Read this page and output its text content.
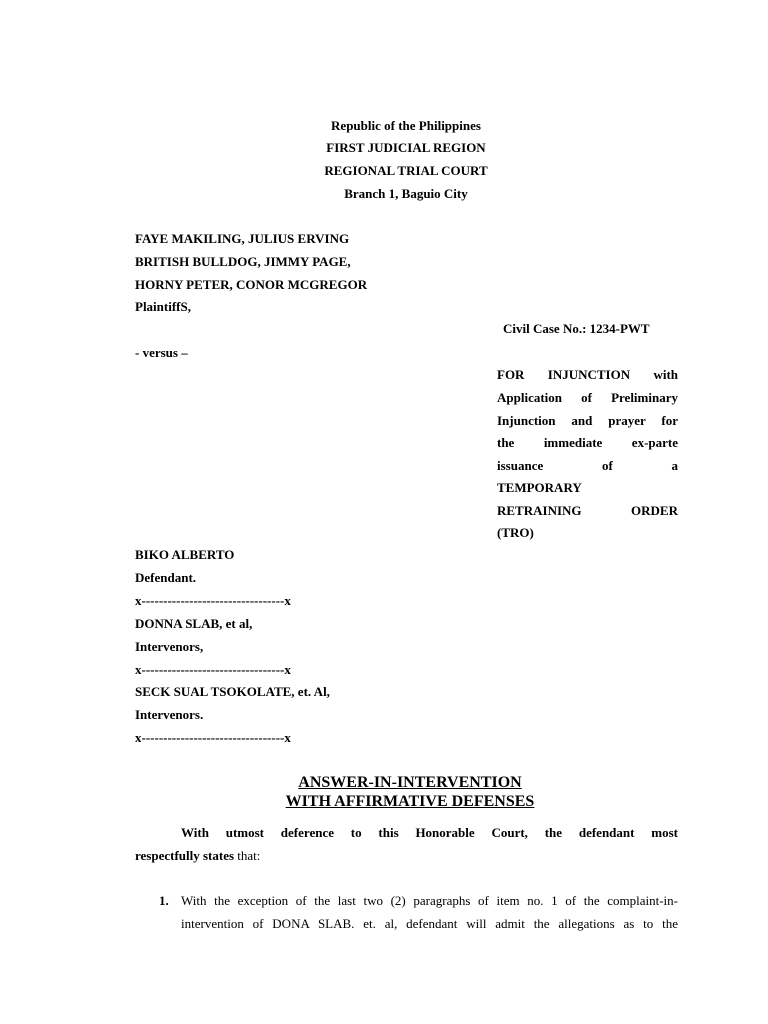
Republic of the Philippines
FIRST JUDICIAL REGION
REGIONAL TRIAL COURT
Branch 1, Baguio City
FAYE MAKILING, JULIUS ERVING
BRITISH BULLDOG, JIMMY PAGE,
HORNY PETER, CONOR MCGREGOR
PlaintiffS,
Civil Case No.: 1234-PWT
- versus –
FOR INJUNCTION with
Application of Preliminary
Injunction and prayer for
the immediate ex-parte
issuance of a
TEMPORARY
RETRAINING ORDER
(TRO)
BIKO ALBERTO
Defendant.
x---------------------------------x
DONNA SLAB, et al,
Intervenors,
x---------------------------------x
SECK SUAL TSOKOLATE, et. Al,
Intervenors.
x---------------------------------x
ANSWER-IN-INTERVENTION
WITH AFFIRMATIVE DEFENSES
With utmost deference to this Honorable Court, the defendant most
respectfully states that:
1. With the exception of the last two (2) paragraphs of item no. 1 of the complaint-in-
intervention of DONA SLAB. et. al, defendant will admit the allegations as to the
